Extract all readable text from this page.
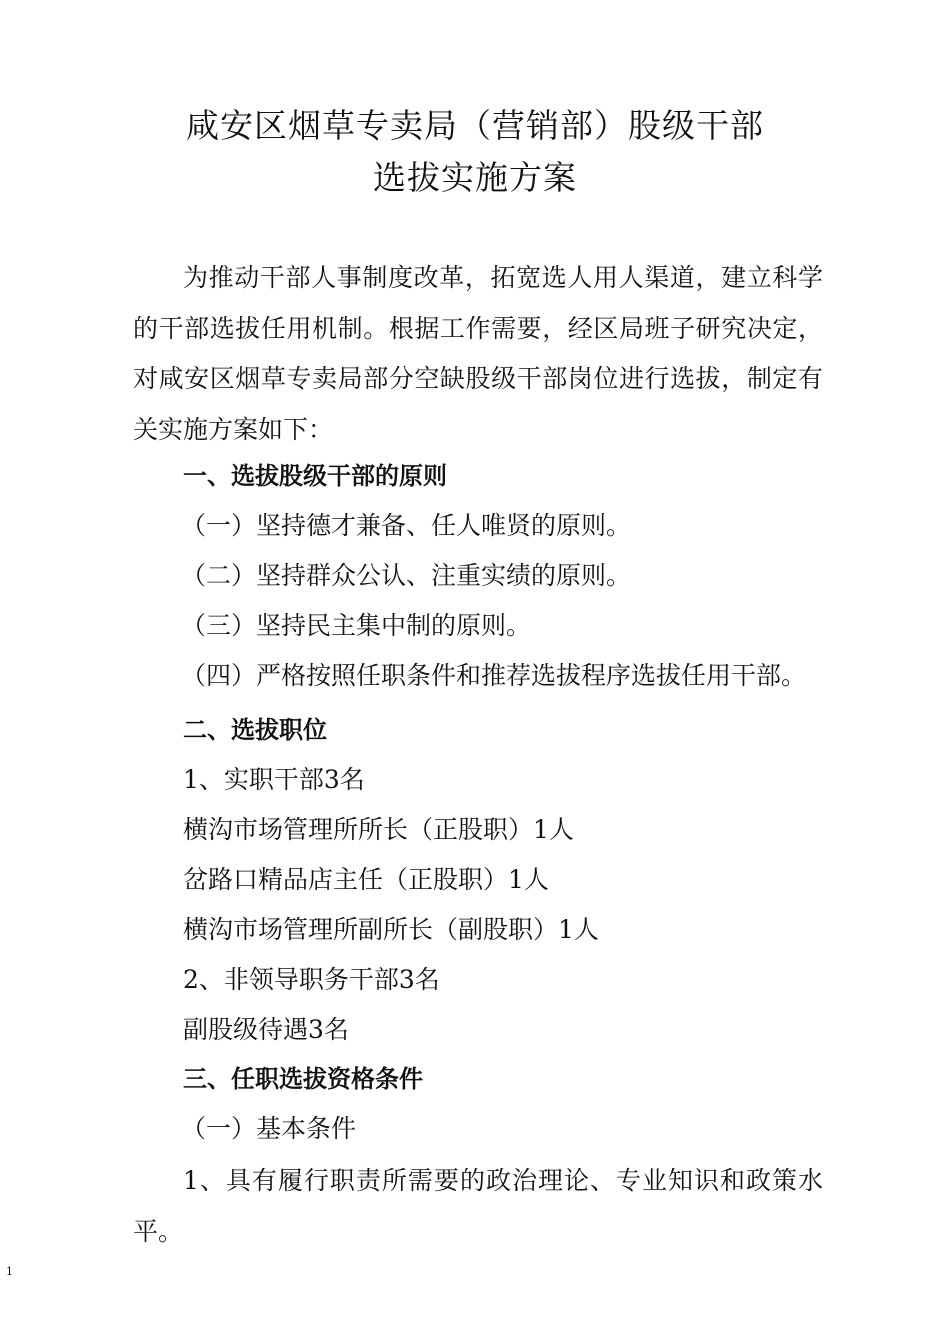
咸安区烟草专卖局（营销部）股级干部
选拔实施方案
为推动干部人事制度改革，拓宽选人用人渠道，建立科学的干部选拔任用机制。根据工作需要，经区局班子研究决定，对咸安区烟草专卖局部分空缺股级干部岗位进行选拔，制定有关实施方案如下：
一、选拔股级干部的原则
（一）坚持德才兼备、任人唯贤的原则。
（二）坚持群众公认、注重实绩的原则。
（三）坚持民主集中制的原则。
（四）严格按照任职条件和推荐选拔程序选拔任用干部。
二、选拔职位
1、实职干部3名
横沟市场管理所所长（正股职）1人
岔路口精品店主任（正股职）1人
横沟市场管理所副所长（副股职）1人
2、非领导职务干部3名
副股级待遇3名
三、任职选拔资格条件
（一）基本条件
1、具有履行职责所需要的政治理论、专业知识和政策水平。
1
